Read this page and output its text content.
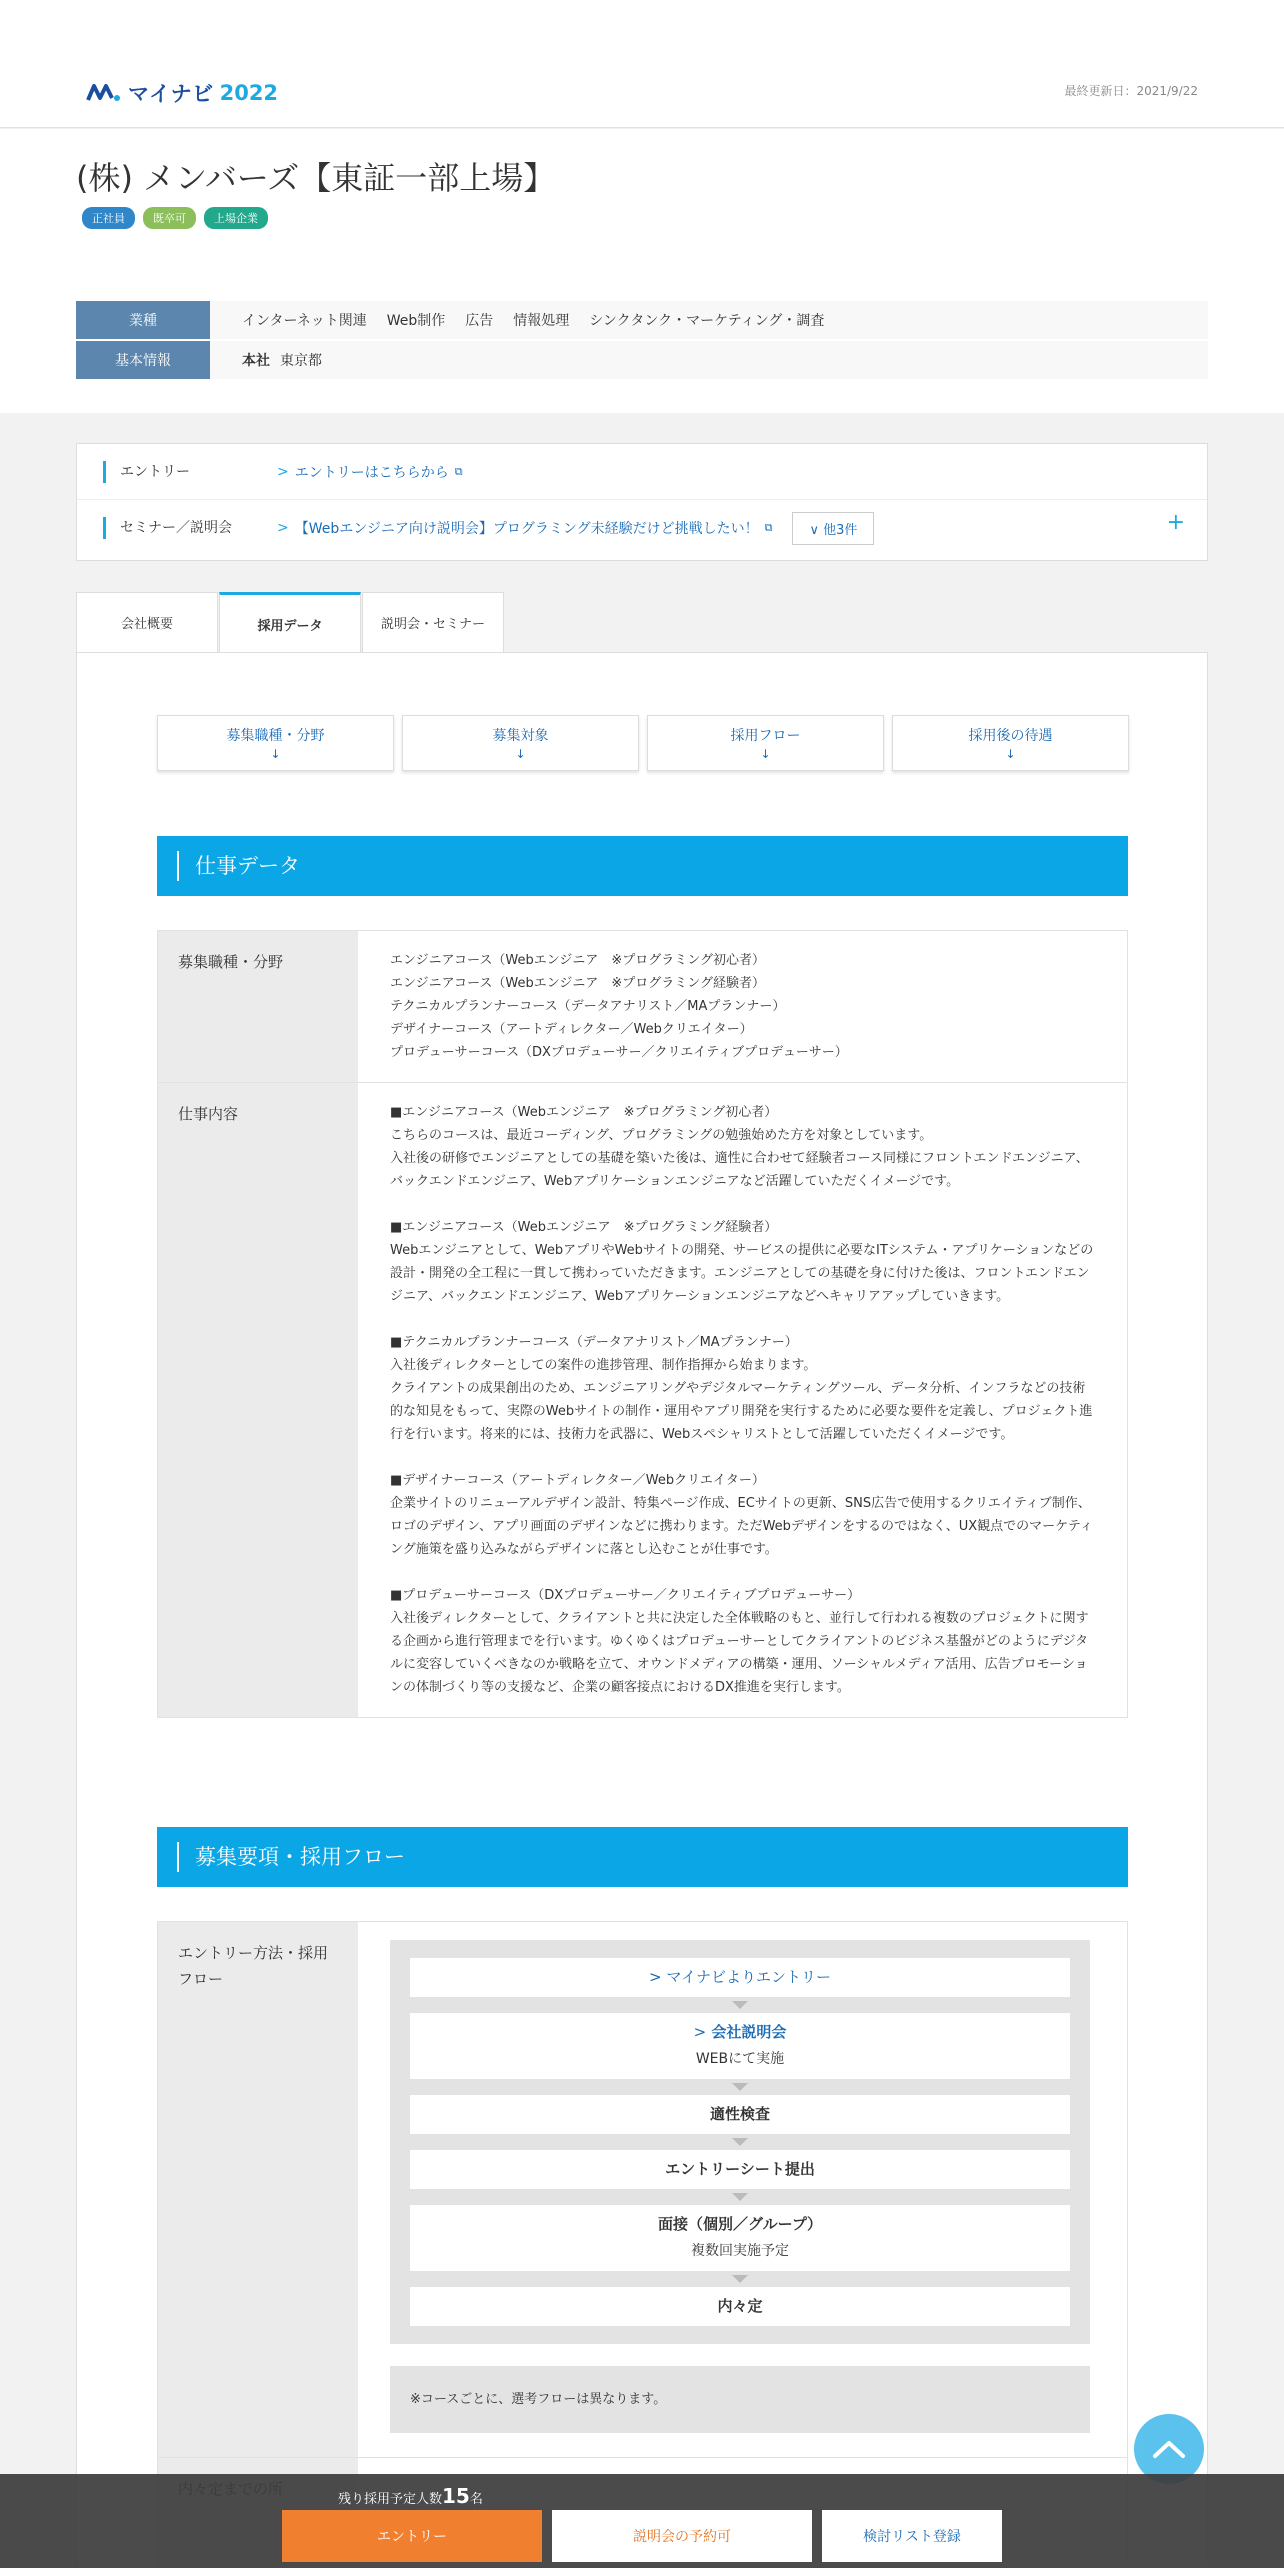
マイナビ 2022	最終更新日：2021/9/22
(株) メンバーズ【東証一部上場】
正社員	既卒可	上場企業
業種	インターネット関連 Web制作 広告 情報処理 シンクタンク・マーケティング・調査
基本情報	本社 東京都
エントリー	> エントリーはこちらから ⧉
セミナー／説明会	> 【Webエンジニア向け説明会】プログラミング未経験だけど挑戦したい！ ⧉	∨ 他3件	+
会社概要	採用データ	説明会・セミナー
募集職種・分野
↓
募集対象
↓
採用フロー
↓
採用後の待遇
↓
仕事データ
募集職種・分野	エンジニアコース（Webエンジニア　※プログラミング初心者）
エンジニアコース（Webエンジニア　※プログラミング経験者）
テクニカルプランナーコース（データアナリスト／MAプランナー）
デザイナーコース（アートディレクター／Webクリエイター）
プロデューサーコース（DXプロデューサー／クリエイティブプロデューサー）
仕事内容	■エンジニアコース（Webエンジニア　※プログラミング初心者）
こちらのコースは、最近コーディング、プログラミングの勉強始めた方を対象としています。
入社後の研修でエンジニアとしての基礎を築いた後は、適性に合わせて経験者コース同様にフロントエンドエンジニア、バックエンドエンジニア、Webアプリケーションエンジニアなど活躍していただくイメージです。

■エンジニアコース（Webエンジニア　※プログラミング経験者）
Webエンジニアとして、WebアプリやWebサイトの開発、サービスの提供に必要なITシステム・アプリケーションなどの設計・開発の全工程に一貫して携わっていただきます。エンジニアとしての基礎を身に付けた後は、フロントエンドエンジニア、バックエンドエンジニア、Webアプリケーションエンジニアなどへキャリアアップしていきます。

■テクニカルプランナーコース（データアナリスト／MAプランナー）
入社後ディレクターとしての案件の進捗管理、制作指揮から始まります。
クライアントの成果創出のため、エンジニアリングやデジタルマーケティングツール、データ分析、インフラなどの技術的な知見をもって、実際のWebサイトの制作・運用やアプリ開発を実行するために必要な要件を定義し、プロジェクト進行を行います。将来的には、技術力を武器に、Webスペシャリストとして活躍していただくイメージです。

■デザイナーコース（アートディレクター／Webクリエイター）
企業サイトのリニューアルデザイン設計、特集ページ作成、ECサイトの更新、SNS広告で使用するクリエイティブ制作、ロゴのデザイン、アプリ画面のデザインなどに携わります。ただWebデザインをするのではなく、UX観点でのマーケティング施策を盛り込みながらデザインに落とし込むことが仕事です。

■プロデューサーコース（DXプロデューサー／クリエイティブプロデューサー）
入社後ディレクターとして、クライアントと共に決定した全体戦略のもと、並行して行われる複数のプロジェクトに関する企画から進行管理までを行います。ゆくゆくはプロデューサーとしてクライアントのビジネス基盤がどのようにデジタルに変容していくべきなのか戦略を立て、オウンドメディアの構築・運用、ソーシャルメディア活用、広告プロモーションの体制づくり等の支援など、企業の顧客接点におけるDX推進を実行します。
募集要項・採用フロー
エントリー方法・採用フロー	> マイナビよりエントリー
> 会社説明会
WEBにて実施
適性検査
エントリーシート提出
面接（個別／グループ）
複数回実施予定
内々定
※コースごとに、選考フローは異なります。
残り採用予定人数15名
エントリー	説明会の予約可	検討リスト登録
